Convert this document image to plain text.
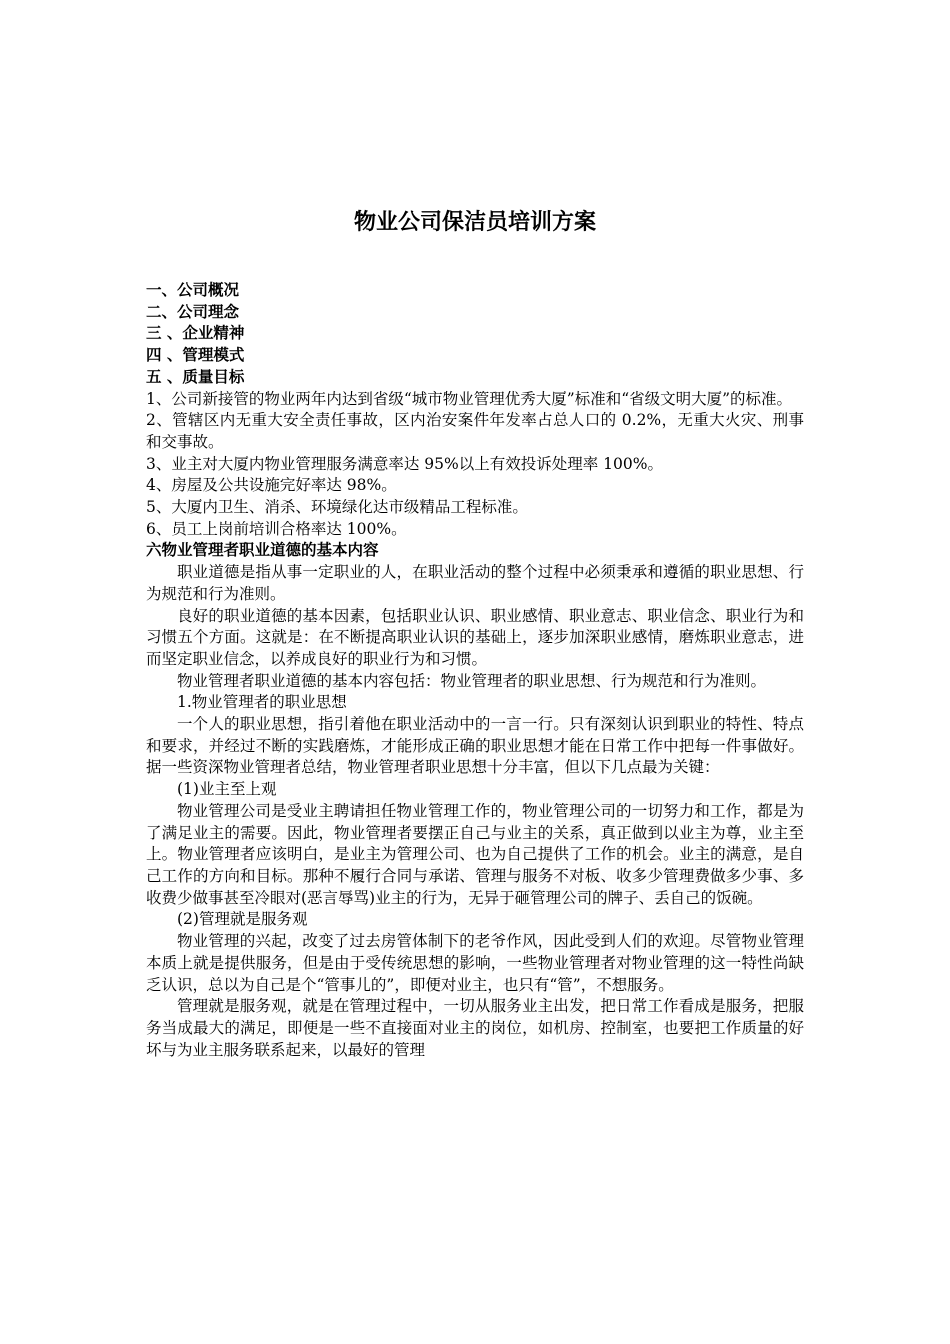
物业公司保洁员培训方案

一、公司概况

二、公司理念

三 、企业精神

四 、管理模式

五 、质量目标

1、公司新接管的物业两年内达到省级“城市物业管理优秀大厦”标准和“省级文明大厦”的标准。

2、管辖区内无重大安全责任事故，区内治安案件年发率占总人口的 0.2%，无重大火灾、刑事和交事故。

3、业主对大厦内物业管理服务满意率达 95%以上有效投诉处理率 100%。

4、房屋及公共设施完好率达 98%。

5、大厦内卫生、消杀、环境绿化达市级精品工程标准。

6、员工上岗前培训合格率达 100%。

六物业管理者职业道德的基本内容

职业道德是指从事一定职业的人，在职业活动的整个过程中必须秉承和遵循的职业思想、行为规范和行为准则。

良好的职业道德的基本因素，包括职业认识、职业感情、职业意志、职业信念、职业行为和习惯五个方面。这就是：在不断提高职业认识的基础上，逐步加深职业感情，磨炼职业意志，进而坚定职业信念，以养成良好的职业行为和习惯。

物业管理者职业道德的基本内容包括：物业管理者的职业思想、行为规范和行为准则。

1.物业管理者的职业思想

一个人的职业思想，指引着他在职业活动中的一言一行。只有深刻认识到职业的特性、特点和要求，并经过不断的实践磨炼，才能形成正确的职业思想才能在日常工作中把每一件事做好。据一些资深物业管理者总结，物业管理者职业思想十分丰富，但以下几点最为关键：

(1)业主至上观

物业管理公司是受业主聘请担任物业管理工作的，物业管理公司的一切努力和工作，都是为了满足业主的需要。因此，物业管理者要摆正自己与业主的关系，真正做到以业主为尊，业主至上。物业管理者应该明白，是业主为管理公司、也为自己提供了工作的机会。业主的满意，是自己工作的方向和目标。那种不履行合同与承诺、管理与服务不对板、收多少管理费做多少事、多收费少做事甚至冷眼对(恶言辱骂)业主的行为，无异于砸管理公司的牌子、丢自己的饭碗。

(2)管理就是服务观

物业管理的兴起，改变了过去房管体制下的老爷作风，因此受到人们的欢迎。尽管物业管理本质上就是提供服务，但是由于受传统思想的影响，一些物业管理者对物业管理的这一特性尚缺乏认识，总以为自己是个“管事儿的”，即便对业主，也只有“管”，不想服务。

管理就是服务观，就是在管理过程中，一切从服务业主出发，把日常工作看成是服务，把服务当成最大的满足，即便是一些不直接面对业主的岗位，如机房、控制室，也要把工作质量的好坏与为业主服务联系起来，以最好的管理
